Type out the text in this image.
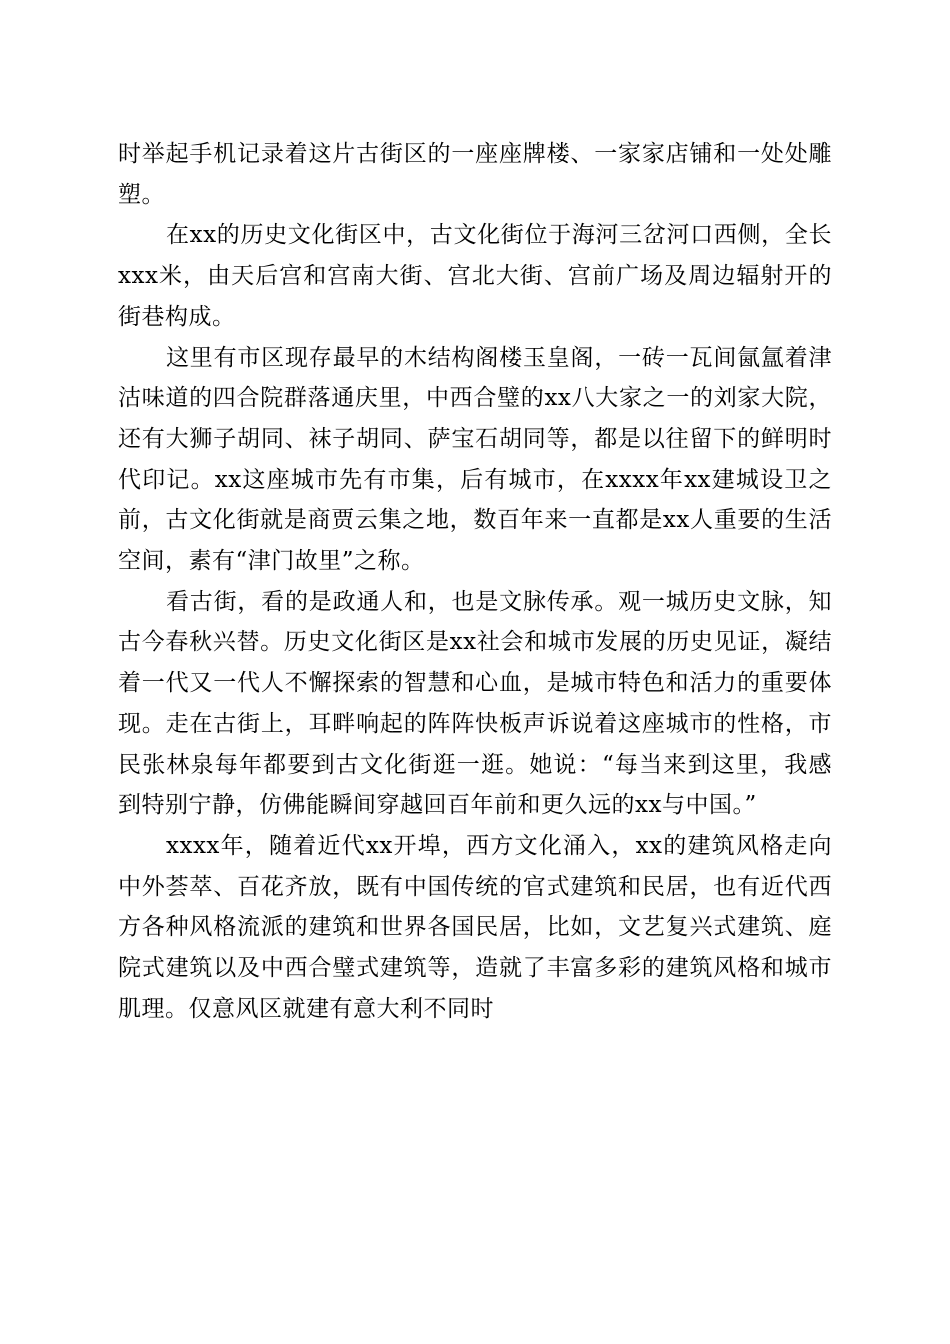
时举起手机记录着这片古街区的一座座牌楼、一家家店铺和一处处雕塑。

在xx的历史文化街区中，古文化街位于海河三岔河口西侧，全长xxx米，由天后宫和宫南大街、宫北大街、宫前广场及周边辐射开的街巷构成。

这里有市区现存最早的木结构阁楼玉皇阁，一砖一瓦间氤氲着津沽味道的四合院群落通庆里，中西合璧的xx八大家之一的刘家大院，还有大狮子胡同、袜子胡同、萨宝石胡同等，都是以往留下的鲜明时代印记。xx这座城市先有市集，后有城市，在xxxx年xx建城设卫之前，古文化街就是商贾云集之地，数百年来一直都是xx人重要的生活空间，素有“津门故里”之称。

看古街，看的是政通人和，也是文脉传承。观一城历史文脉，知古今春秋兴替。历史文化街区是xx社会和城市发展的历史见证，凝结着一代又一代人不懈探索的智慧和心血，是城市特色和活力的重要体现。走在古街上，耳畔响起的阵阵快板声诉说着这座城市的性格，市民张林泉每年都要到古文化街逛一逛。她说：“每当来到这里，我感到特别宁静，仿佛能瞬间穿越回百年前和更久远的xx与中国。”

xxxx年，随着近代xx开埠，西方文化涌入，xx的建筑风格走向中外荟萃、百花齐放，既有中国传统的官式建筑和民居，也有近代西方各种风格流派的建筑和世界各国民居，比如，文艺复兴式建筑、庭院式建筑以及中西合璧式建筑等，造就了丰富多彩的建筑风格和城市肌理。仅意风区就建有意大利不同时
